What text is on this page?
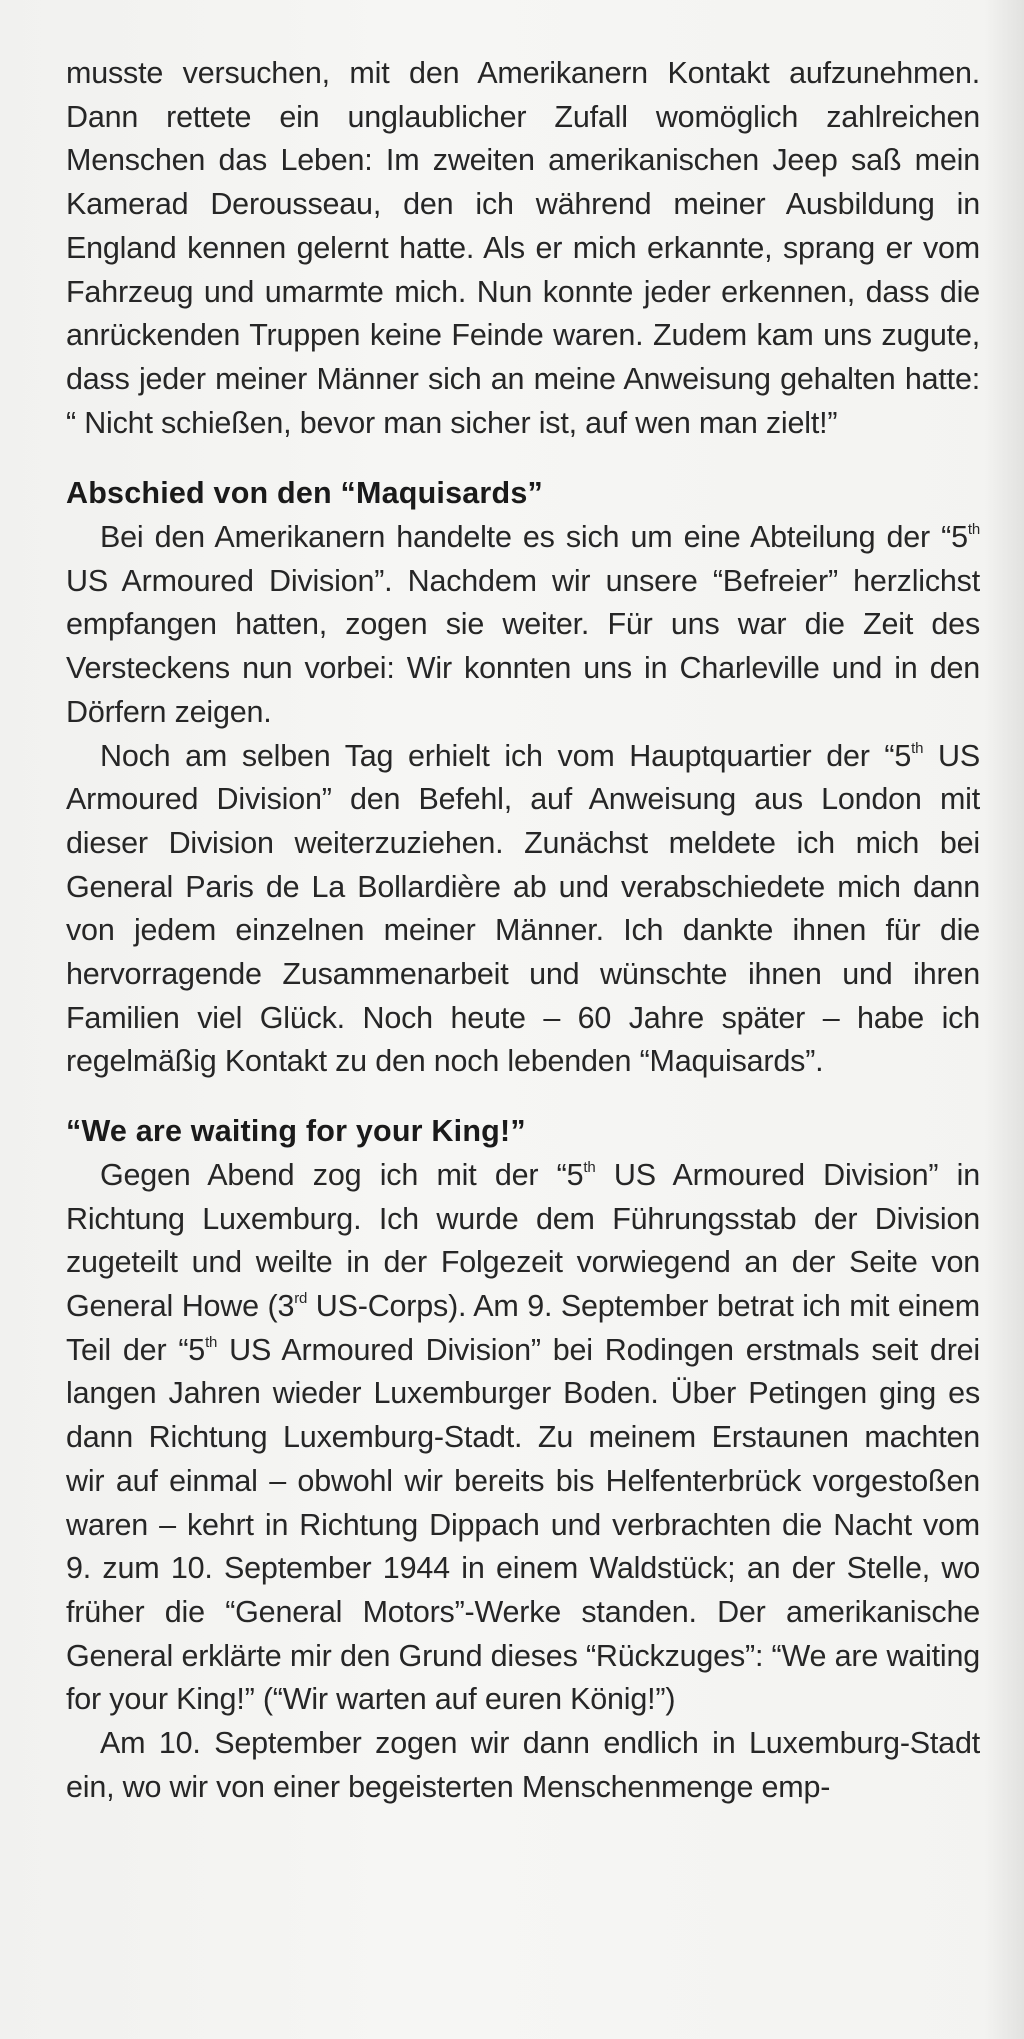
musste versuchen, mit den Amerikanern Kontakt aufzunehmen. Dann rettete ein unglaublicher Zufall womöglich zahlreichen Menschen das Leben: Im zweiten amerikanischen Jeep saß mein Kamerad Derousseau, den ich während meiner Ausbildung in England kennen gelernt hatte. Als er mich erkannte, sprang er vom Fahrzeug und umarmte mich. Nun konnte jeder erkennen, dass die anrückenden Truppen keine Feinde waren. Zudem kam uns zugute, dass jeder meiner Männer sich an meine Anweisung gehalten hatte: “ Nicht schießen, bevor man sicher ist, auf wen man zielt!”

Abschied von den “Maquisards”

Bei den Amerikanern handelte es sich um eine Abteilung der “5th US Armoured Division”. Nachdem wir unsere “Befreier” herzlichst empfangen hatten, zogen sie weiter. Für uns war die Zeit des Versteckens nun vorbei: Wir konnten uns in Charleville und in den Dörfern zeigen.

Noch am selben Tag erhielt ich vom Hauptquartier der “5th US Armoured Division” den Befehl, auf Anweisung aus London mit dieser Division weiterzuziehen. Zunächst meldete ich mich bei General Paris de La Bollardière ab und verabschiedete mich dann von jedem einzelnen meiner Männer. Ich dankte ihnen für die hervorragende Zusammenarbeit und wünschte ihnen und ihren Familien viel Glück. Noch heute – 60 Jahre später – habe ich regelmäßig Kontakt zu den noch lebenden “Maquisards”.

“We are waiting for your King!”

Gegen Abend zog ich mit der “5th US Armoured Division” in Richtung Luxemburg. Ich wurde dem Führungsstab der Division zugeteilt und weilte in der Folgezeit vorwiegend an der Seite von General Howe (3rd US-Corps). Am 9. September betrat ich mit einem Teil der “5th US Armoured Division” bei Rodingen erstmals seit drei langen Jahren wieder Luxemburger Boden. Über Petingen ging es dann Richtung Luxemburg-Stadt. Zu meinem Erstaunen machten wir auf einmal – obwohl wir bereits bis Helfenterbrück vorgestoßen waren – kehrt in Richtung Dippach und verbrachten die Nacht vom 9. zum 10. September 1944 in einem Waldstück; an der Stelle, wo früher die “General Motors”-Werke standen. Der amerikanische General erklärte mir den Grund dieses “Rückzuges”: “We are waiting for your King!” (“Wir warten auf euren König!”)

Am 10. September zogen wir dann endlich in Luxemburg-Stadt ein, wo wir von einer begeisterten Menschenmenge emp-
